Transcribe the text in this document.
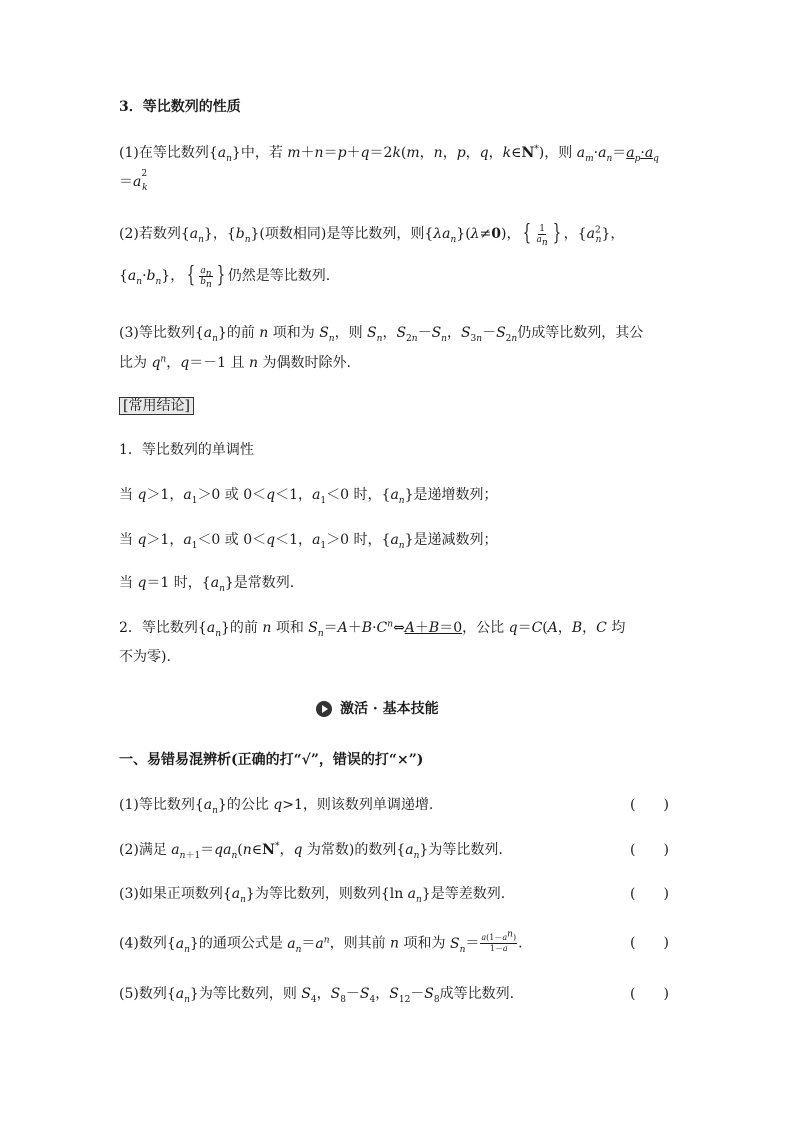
3．等比数列的性质
(1)在等比数列$\{a_n\}$中，若 m＋n＝p＋q＝2k(m，n，p，q，k∈N*)，则 $a_m\cdot a_n=a_p\cdot a_q$
$=a^2_k$
(2)若数列$\{a_n\}$，$\{b_n\}$(项数相同)是等比数列，则$\{\lambda a_n\}(\lambda\ne 0)$， { $\frac{1}{a_n}$ } ，$\{a^2_n\}$，
$\{a_n\cdot b_n\}$， { $\frac{a_n}{b_n}$ } 仍然是等比数列.
(3)等比数列$\{a_n\}$的前 n 项和为 $S_n$，则 $S_n$，$S_{2n}-S_n$，$S_{3n}-S_{2n}$仍成等比数列，其公
比为 $q^n$，q＝－1 且 n 为偶数时除外.
[常用结论]
1．等比数列的单调性
当 q＞1，$a_1>0$ 或 0＜q＜1，$a_1<0$ 时，$\{a_n\}$是递增数列；
当 q＞1，$a_1<0$ 或 0＜q＜1，$a_1>0$ 时，$\{a_n\}$是递减数列；
当 q＝1 时，$\{a_n\}$是常数列.
2．等比数列$\{a_n\}$的前 n 项和 $S_n=A+B\cdot C^n\Leftrightarrow A+B=0$，公比 q＝C(A，B，C 均
不为零).
激活 · 基本技能
一、易错易混辨析(正确的打“√”，错误的打“×”)
(1)等比数列$\{a_n\}$的公比 q>1，则该数列单调递增.	(　　)
(2)满足 $a_{n+1}=qa_n(n\in N^*$，q 为常数)的数列$\{a_n\}$为等比数列.	(　　)
(3)如果正项数列$\{a_n\}$为等比数列，则数列{ln $a_n$}是等差数列.	(　　)
(4)数列$\{a_n\}$的通项公式是 $a_n=a^n$，则其前 n 项和为 $S_n= \frac{a(1-a^n)}{1-a}$ .	(　　)
(5)数列$\{a_n\}$为等比数列，则 $S_4$，$S_8-S_4$，$S_{12}-S_8$成等比数列.	(　　)
